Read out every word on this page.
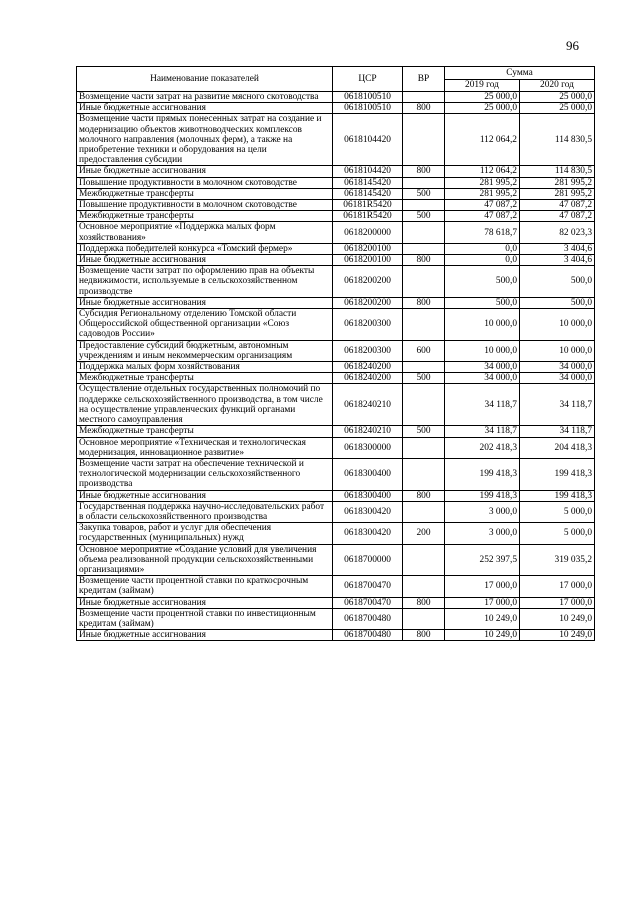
96
Наименование показателей	ЦСР	ВР	Сумма	
			2019 год	2020 год
Возмещение части затрат на развитие мясного скотоводства	0618100510		25 000,0	25 000,0
Иные бюджетные ассигнования	0618100510	800	25 000,0	25 000,0
Возмещение части прямых понесенных затрат на создание и модернизацию объектов животноводческих комплексов молочного направления (молочных ферм), а также на приобретение техники и оборудования на цели предоставления субсидии	0618104420		112 064,2	114 830,5
Иные бюджетные ассигнования	0618104420	800	112 064,2	114 830,5
Повышение продуктивности в молочном скотоводстве	0618145420		281 995,2	281 995,2
Межбюджетные трансферты	0618145420	500	281 995,2	281 995,2
Повышение продуктивности в молочном скотоводстве	06181R5420		47 087,2	47 087,2
Межбюджетные трансферты	06181R5420	500	47 087,2	47 087,2
Основное мероприятие «Поддержка малых форм хозяйствования»	0618200000		78 618,7	82 023,3
Поддержка победителей конкурса «Томский фермер»	0618200100		0,0	3 404,6
Иные бюджетные ассигнования	0618200100	800	0,0	3 404,6
Возмещение части затрат по оформлению прав на объекты недвижимости, используемые в сельскохозяйственном производстве	0618200200		500,0	500,0
Иные бюджетные ассигнования	0618200200	800	500,0	500,0
Субсидия Региональному отделению Томской области Общероссийской общественной организации «Союз садоводов России»	0618200300		10 000,0	10 000,0
Предоставление субсидий бюджетным, автономным учреждениям и иным некоммерческим организациям	0618200300	600	10 000,0	10 000,0
Поддержка малых форм хозяйствования	0618240200		34 000,0	34 000,0
Межбюджетные трансферты	0618240200	500	34 000,0	34 000,0
Осуществление отдельных государственных полномочий по поддержке сельскохозяйственного производства, в том числе на осуществление управленческих функций органами местного самоуправления	0618240210		34 118,7	34 118,7
Межбюджетные трансферты	0618240210	500	34 118,7	34 118,7
Основное мероприятие «Техническая и технологическая модернизация, инновационное развитие»	0618300000		202 418,3	204 418,3
Возмещение части затрат на обеспечение технической и технологической модернизации сельскохозяйственного производства	0618300400		199 418,3	199 418,3
Иные бюджетные ассигнования	0618300400	800	199 418,3	199 418,3
Государственная поддержка научно-исследовательских работ в области сельскохозяйственного производства	0618300420		3 000,0	5 000,0
Закупка товаров, работ и услуг для обеспечения государственных (муниципальных) нужд	0618300420	200	3 000,0	5 000,0
Основное мероприятие «Создание условий для увеличения объема реализованной продукции сельскохозяйственными организациями»	0618700000		252 397,5	319 035,2
Возмещение части процентной ставки по краткосрочным кредитам (займам)	0618700470		17 000,0	17 000,0
Иные бюджетные ассигнования	0618700470	800	17 000,0	17 000,0
Возмещение части процентной ставки по инвестиционным кредитам (займам)	0618700480		10 249,0	10 249,0
Иные бюджетные ассигнования	0618700480	800	10 249,0	10 249,0
